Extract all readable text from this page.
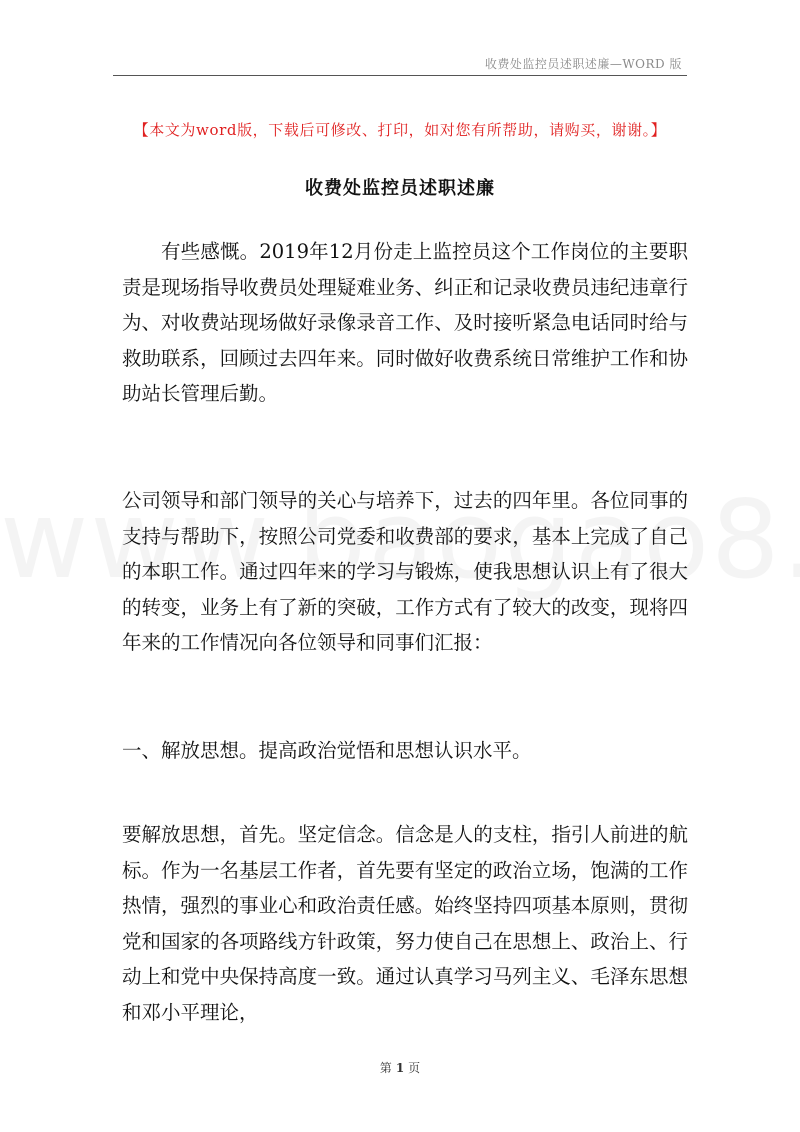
收费处监控员述职述廉—WORD 版
【本文为word版，下载后可修改、打印，如对您有所帮助，请购买，谢谢。】
收费处监控员述职述廉

有些感慨。2019年12月份走上监控员这个工作岗位的主要职责是现场指导收费员处理疑难业务、纠正和记录收费员违纪违章行为、对收费站现场做好录像录音工作、及时接听紧急电话同时给与救助联系，回顾过去四年来。同时做好收费系统日常维护工作和协助站长管理后勤。

公司领导和部门领导的关心与培养下，过去的四年里。各位同事的支持与帮助下，按照公司党委和收费部的要求，基本上完成了自己的本职工作。通过四年来的学习与锻炼，使我思想认识上有了很大的转变，业务上有了新的突破，工作方式有了较大的改变，现将四年来的工作情况向各位领导和同事们汇报：

一、解放思想。提高政治觉悟和思想认识水平。

要解放思想，首先。坚定信念。信念是人的支柱，指引人前进的航标。作为一名基层工作者，首先要有坚定的政治立场，饱满的工作热情，强烈的事业心和政治责任感。始终坚持四项基本原则，贯彻党和国家的各项路线方针政策，努力使自己在思想上、政治上、行动上和党中央保持高度一致。通过认真学习马列主义、毛泽东思想和邓小平理论，

第 1 页
